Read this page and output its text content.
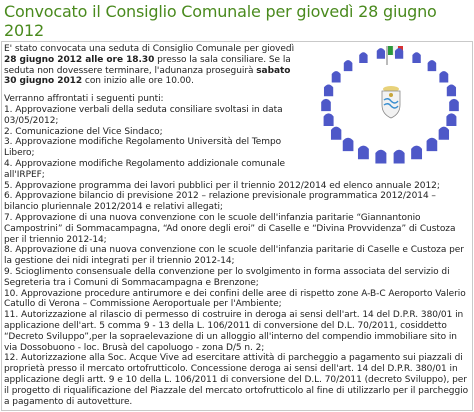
Convocato il Consiglio Comunale per giovedì 28 giugno 2012

E' stato convocata una seduta di Consiglio Comunale per giovedì 28 giugno 2012 alle ore 18.30 presso la sala consiliare. Se la seduta non dovessere terminare, l'adunanza proseguirà sabato 30 giugno 2012 con inizio alle ore 10.00.

Verranno affrontati i seguenti punti:

1. Approvazione verbali della seduta consiliare svoltasi in data 03/05/2012;

2. Comunicazione del Vice Sindaco;

3. Approvazione modifiche Regolamento Università del Tempo Libero;

4. Approvazione modifiche Regolamento addizionale comunale all'IRPEF;

5. Approvazione programma dei lavori pubblici per il triennio 2012/2014 ed elenco annuale 2012;

6. Approvazione bilancio di previsione 2012 – relazione previsionale programmatica 2012/2014 – bilancio pluriennale 2012/2014 e relativi allegati;

7. Approvazione di una nuova convenzione con le scuole dell'infanzia paritarie “Giannantonio Campostrini” di Sommacampagna, “Ad onore degli eroi” di Caselle e “Divina Provvidenza” di Custoza per il triennio 2012-14;

8. Approvazione di una nuova convenzione con le scuole dell'infanzia paritarie di Caselle e Custoza per la gestione dei nidi integrati per il triennio 2012-14;

9. Scioglimento consensuale della convenzione per lo svolgimento in forma associata del servizio di Segreteria tra i Comuni di Sommacampagna e Brenzone;

10. Approvazione procedure antirumore e dei confini delle aree di rispetto zone A-B-C Aeroporto Valerio Catullo di Verona – Commissione Aeroportuale per l'Ambiente;

11. Autorizzazione al rilascio di permesso di costruire in deroga ai sensi dell'art. 14 del D.P.R. 380/01 in applicazione dell'art. 5 comma 9 - 13 della L. 106/2011 di conversione del D.L. 70/2011, cosiddetto “Decreto Sviluppo”,per la sopraelevazione di un alloggio all'interno del compendio immobiliare sito in via Dossobuono - loc. Brusà del capoluogo - zona D/5 n. 2;

12. Autorizzazione alla Soc. Acque Vive ad esercitare attività di parcheggio a pagamento sui piazzali di proprietà presso il mercato ortofrutticolo. Concessione deroga ai sensi dell'art. 14 del D.P.R. 380/01 in applicazione degli artt. 9 e 10 della L. 106/2011 di conversione del D.L. 70/2011 (decreto Sviluppo), per il progetto di riqualificazione del Piazzale del mercato ortofrutticolo al fine di utilizzarlo per il parcheggio a pagamento di autovetture.
